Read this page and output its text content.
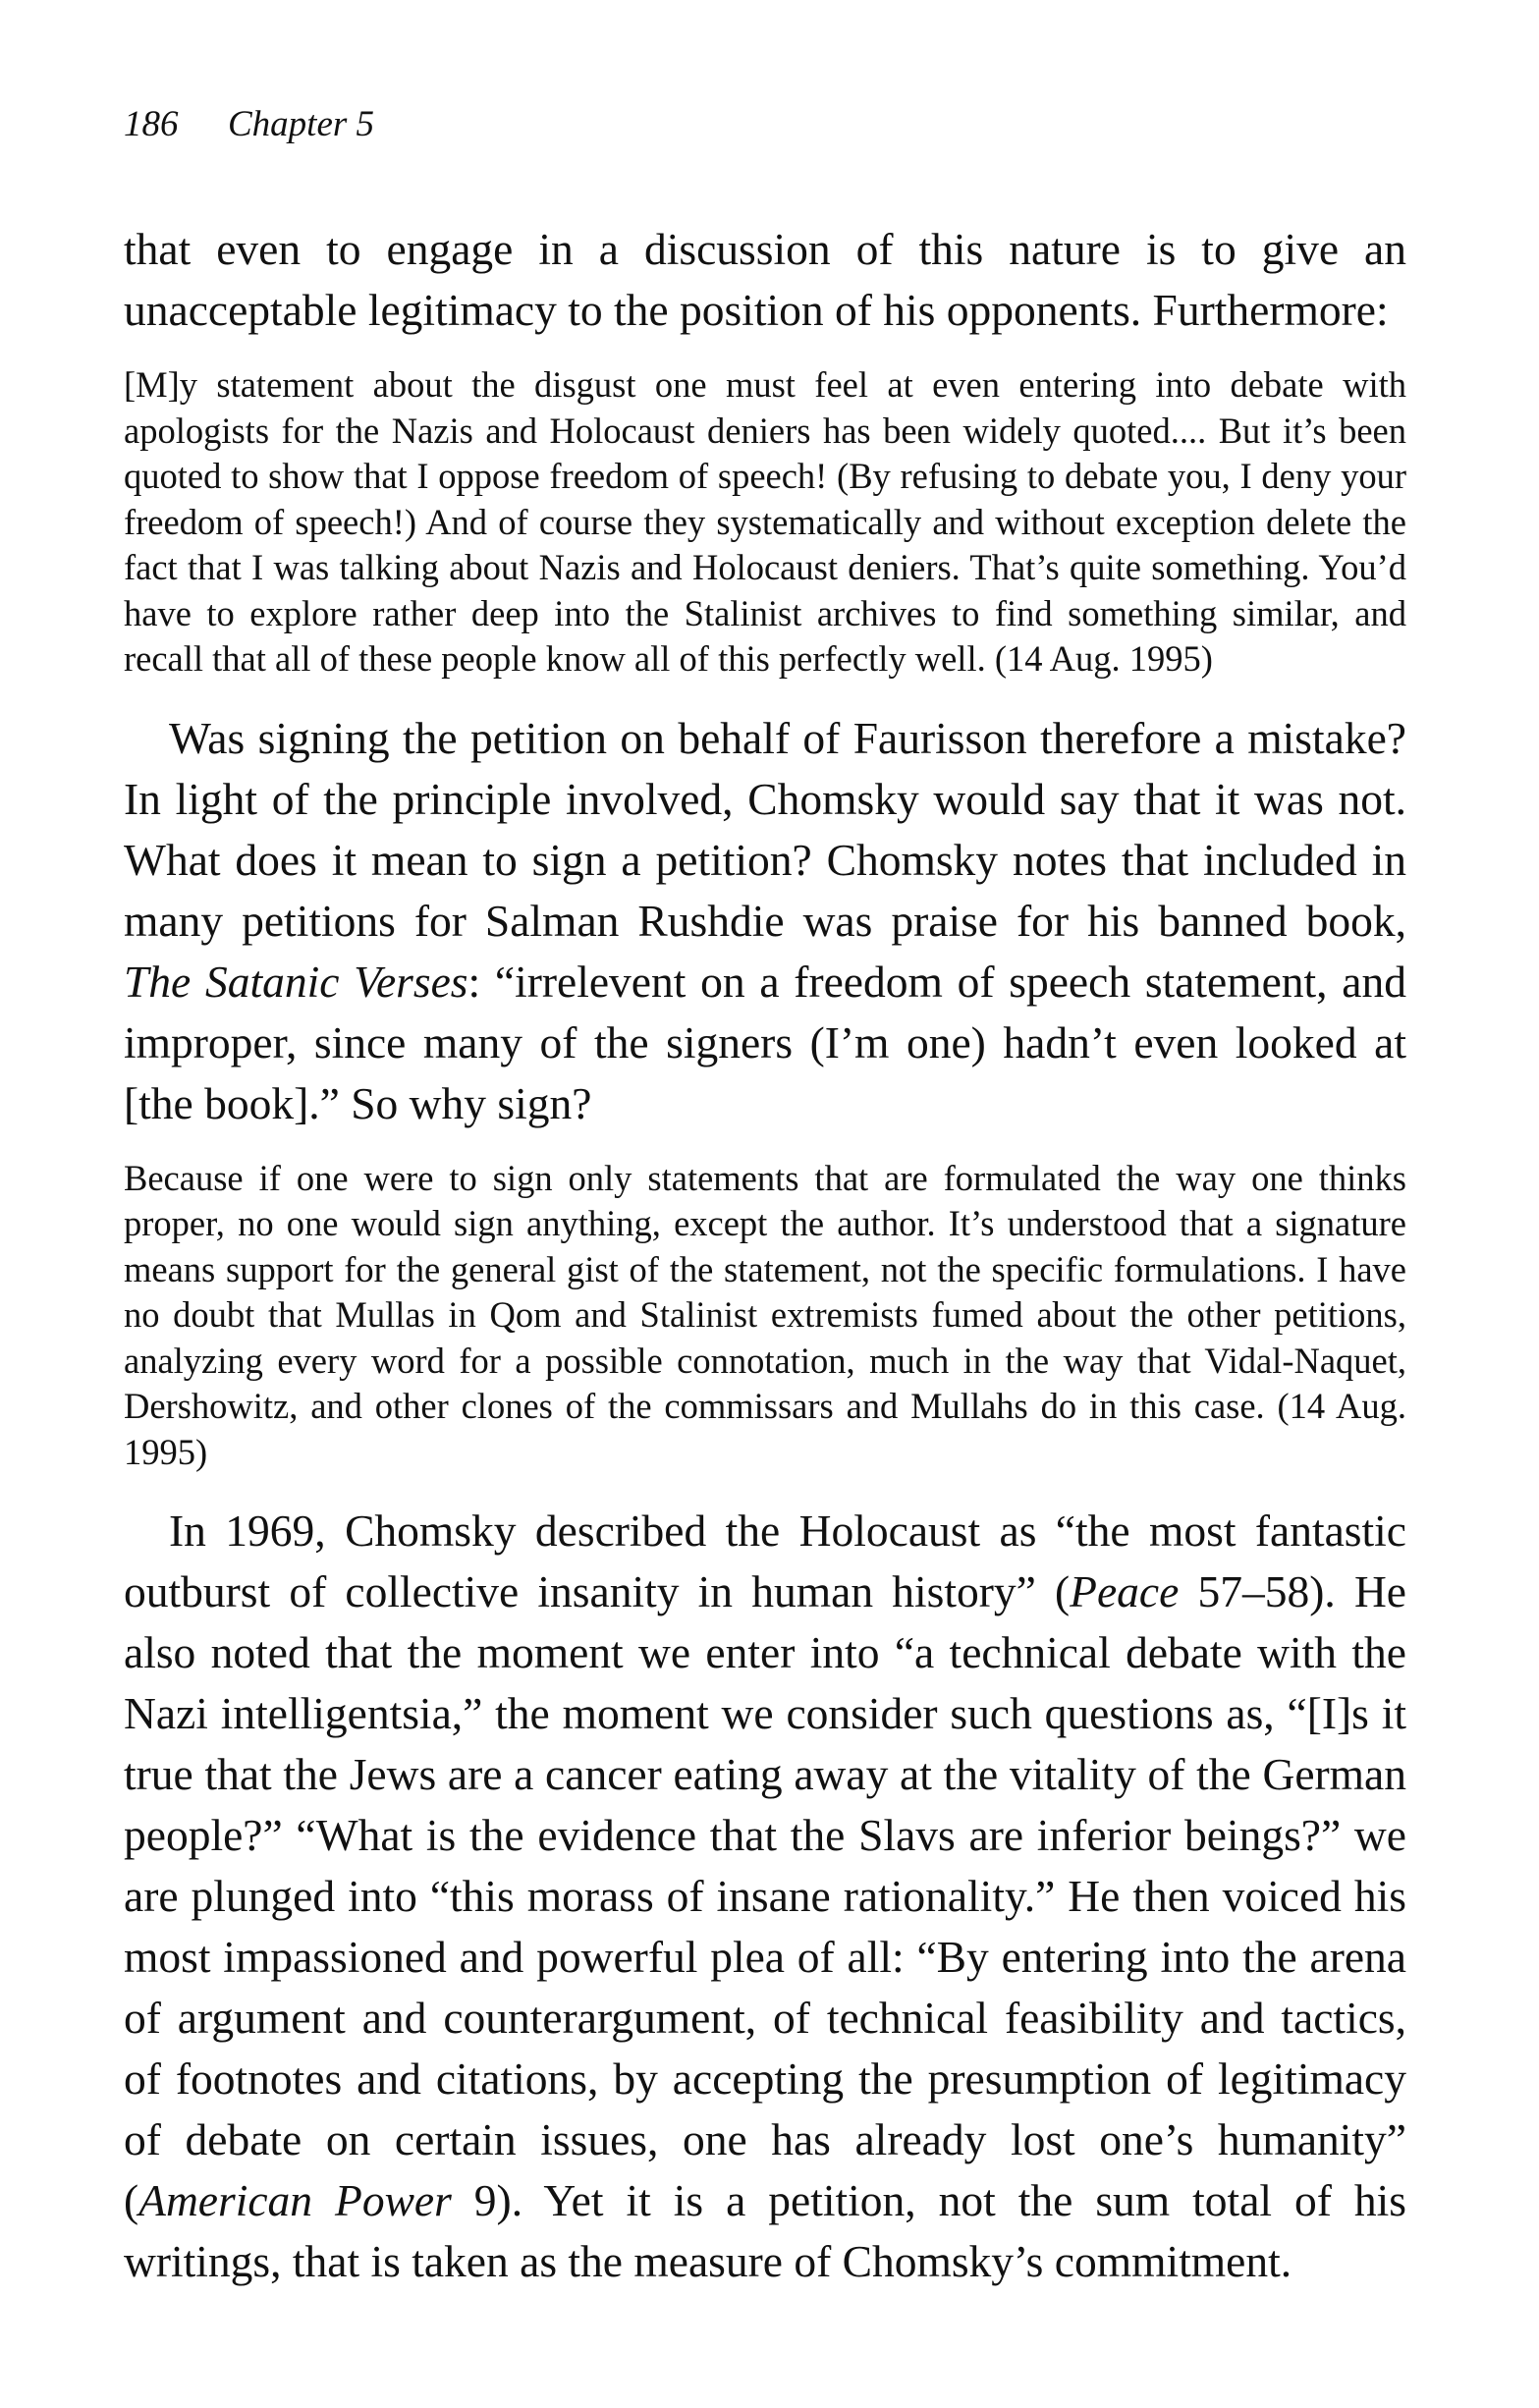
186 Chapter 5

that even to engage in a discussion of this nature is to give an unacceptable legitimacy to the position of his opponents. Furthermore:

[M]y statement about the disgust one must feel at even entering into debate with apologists for the Nazis and Holocaust deniers has been widely quoted.... But it’s been quoted to show that I oppose freedom of speech! (By refusing to debate you, I deny your freedom of speech!) And of course they systematically and without exception delete the fact that I was talking about Nazis and Holocaust deniers. That’s quite something. You’d have to explore rather deep into the Stalinist archives to find something similar, and recall that all of these people know all of this perfectly well. (14 Aug. 1995)

Was signing the petition on behalf of Faurisson therefore a mistake? In light of the principle involved, Chomsky would say that it was not. What does it mean to sign a petition? Chomsky notes that included in many petitions for Salman Rushdie was praise for his banned book, The Satanic Verses: “irrelevent on a freedom of speech statement, and improper, since many of the signers (I’m one) hadn’t even looked at [the book].” So why sign?

Because if one were to sign only statements that are formulated the way one thinks proper, no one would sign anything, except the author. It’s understood that a signature means support for the general gist of the statement, not the specific formulations. I have no doubt that Mullas in Qom and Stalinist extremists fumed about the other petitions, analyzing every word for a possible connotation, much in the way that Vidal-Naquet, Dershowitz, and other clones of the commissars and Mullahs do in this case. (14 Aug. 1995)

In 1969, Chomsky described the Holocaust as “the most fantastic outburst of collective insanity in human history” (Peace 57–58). He also noted that the moment we enter into “a technical debate with the Nazi intelligentsia,” the moment we consider such questions as, “[I]s it true that the Jews are a cancer eating away at the vitality of the German people?” “What is the evidence that the Slavs are inferior beings?” we are plunged into “this morass of insane rationality.” He then voiced his most impassioned and powerful plea of all: “By entering into the arena of argument and counterargument, of technical feasibility and tactics, of footnotes and citations, by accepting the presumption of legitimacy of debate on certain issues, one has already lost one’s humanity” (American Power 9). Yet it is a petition, not the sum total of his writings, that is taken as the measure of Chomsky’s commitment.
